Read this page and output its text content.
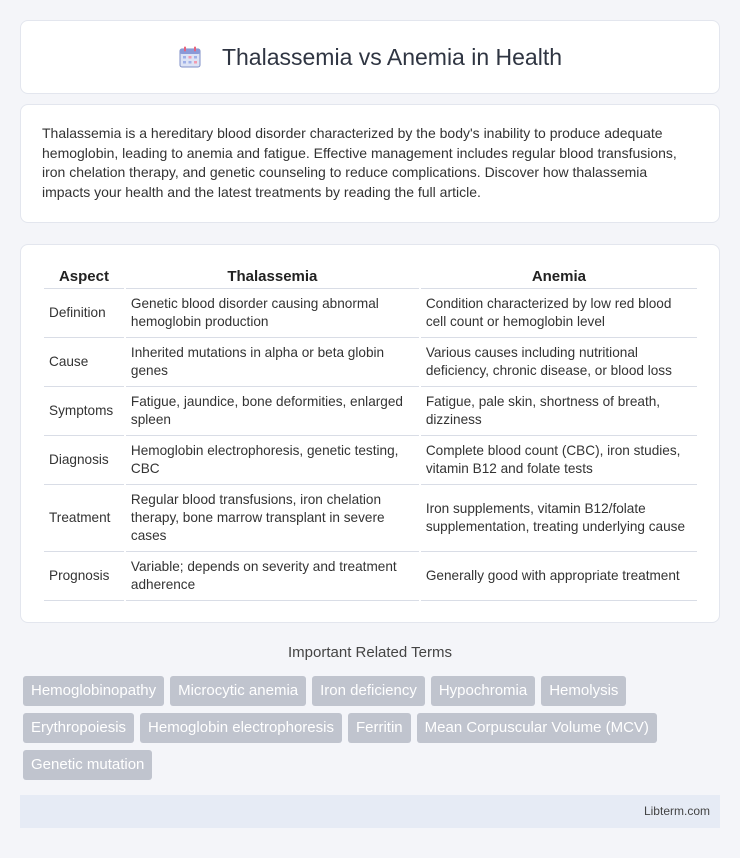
Thalassemia vs Anemia in Health

Thalassemia is a hereditary blood disorder characterized by the body's inability to produce adequate hemoglobin, leading to anemia and fatigue. Effective management includes regular blood transfusions, iron chelation therapy, and genetic counseling to reduce complications. Discover how thalassemia impacts your health and the latest treatments by reading the full article.

Aspect	Thalassemia	Anemia
Definition	Genetic blood disorder causing abnormal hemoglobin production	Condition characterized by low red blood cell count or hemoglobin level
Cause	Inherited mutations in alpha or beta globin genes	Various causes including nutritional deficiency, chronic disease, or blood loss
Symptoms	Fatigue, jaundice, bone deformities, enlarged spleen	Fatigue, pale skin, shortness of breath, dizziness
Diagnosis	Hemoglobin electrophoresis, genetic testing, CBC	Complete blood count (CBC), iron studies, vitamin B12 and folate tests
Treatment	Regular blood transfusions, iron chelation therapy, bone marrow transplant in severe cases	Iron supplements, vitamin B12/folate supplementation, treating underlying cause
Prognosis	Variable; depends on severity and treatment adherence	Generally good with appropriate treatment
Important Related Terms
Hemoglobinopathy	Microcytic anemia	Iron deficiency	Hypochromia	Hemolysis
Erythropoiesis	Hemoglobin electrophoresis	Ferritin	Mean Corpuscular Volume (MCV)
Genetic mutation
Libterm.com
